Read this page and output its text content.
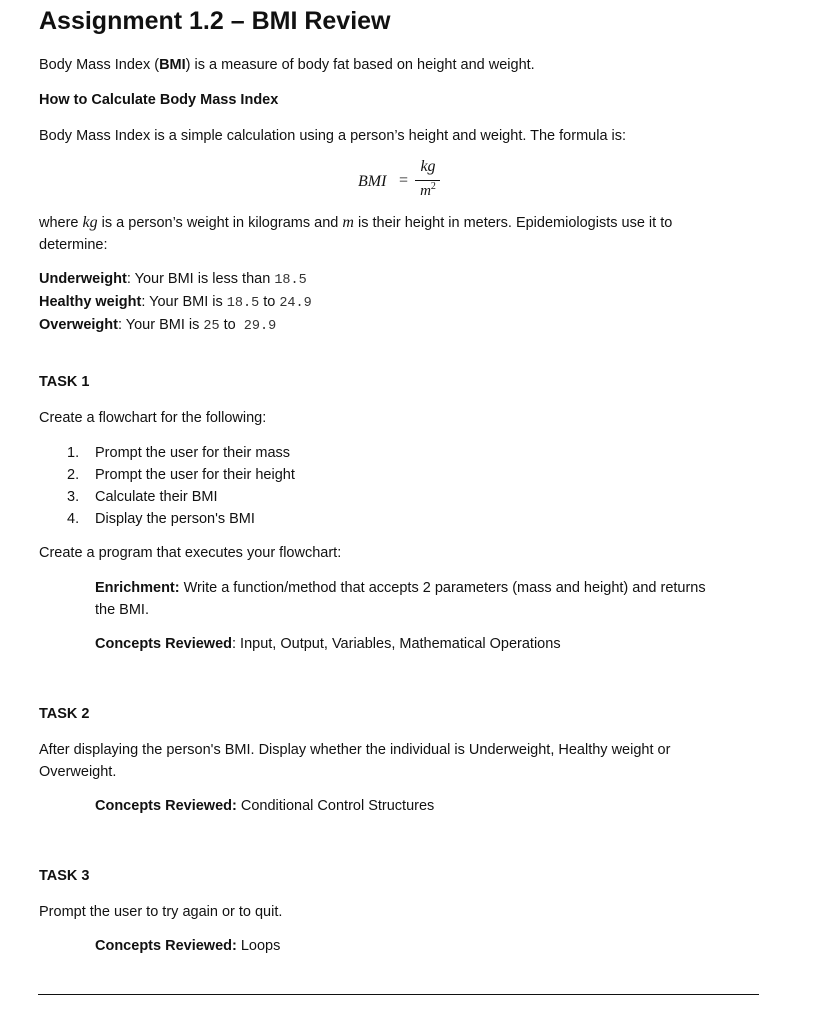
Assignment 1.2 – BMI Review
Body Mass Index (BMI) is a measure of body fat based on height and weight.
How to Calculate Body Mass Index
Body Mass Index is a simple calculation using a person’s height and weight. The formula is:
BMI =
kg
$m^2$
where kg is a person’s weight in kilograms and m is their height in meters. Epidemiologists use it to
determine:
Underweight: Your BMI is less than 18.5
Healthy weight: Your BMI is 18.5 to 24.9
Overweight: Your BMI is 25 to  29.9
TASK 1
Create a flowchart for the following:
1. Prompt the user for their mass
2. Prompt the user for their height
3. Calculate their BMI
4. Display the person's BMI
Create a program that executes your flowchart:
Enrichment: Write a function/method that accepts 2 parameters (mass and height) and returns
the BMI.
Concepts Reviewed: Input, Output, Variables, Mathematical Operations
TASK 2
After displaying the person's BMI. Display whether the individual is Underweight, Healthy weight or
Overweight.
Concepts Reviewed: Conditional Control Structures
TASK 3
Prompt the user to try again or to quit.
Concepts Reviewed: Loops
